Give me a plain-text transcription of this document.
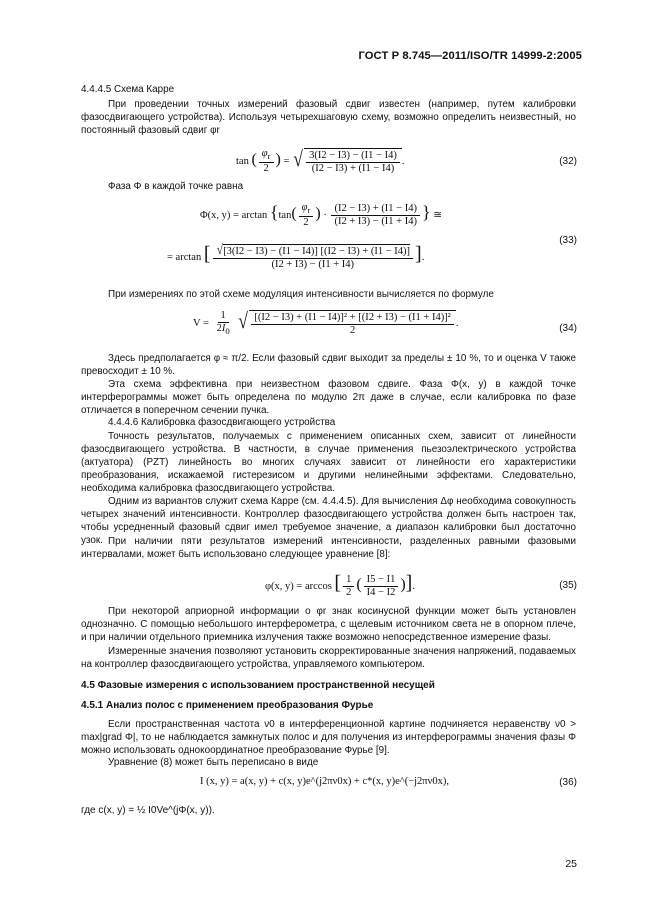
ГОСТ Р 8.745—2011/ISO/TR 14999-2:2005

4.4.4.5 Схема Карре

При проведении точных измерений фазовый сдвиг известен (например, путем калибровки фазосдвигающего устройства). Используя четырехшаговую схему, возможно определить неизвестный, но постоянный фазовый сдвиг φr

tan ( $\frac{\varphi_r}{2}$ ) = √ $\frac{3(I2 - I3) - (I1 - I4)}{(I2 - I3) + (I1 - I4)}$ .	(32)

Фаза Φ в каждой точке равна

Φ(x, $y) = \arctan \{\tan( \frac{\varphi_r}{2}$ ) · $\frac{(I2 - I3) + (I1 - I4)}{(I2 + I3) - (I1 + I4)}$ } ≅
= arctan [ $\frac{√ [3(I2 - I3) - (I1 - I4)] [(I2 - I3) + (I1 - I4)]}{(I2 + I3) - (I1 + I4)}$ ].
(33)

При измерениях по этой схеме модуляция интенсивности вычисляется по формуле

$V = \frac{1}{2I_0}$
√ $\frac{\text{[(I2 − I3) + (I1 − I4)]² + [(I2 + I3) − (I1 + I4)]²}}{2}$ .	(34)

Здесь предполагается φ ≈ π/2. Если фазовый сдвиг выходит за пределы ± 10 %, то и оценка V также превосходит ± 10 %.

Эта схема эффективна при неизвестном фазовом сдвиге. Фаза Φ(x, y) в каждой точке интерферограммы может быть определена по модулю 2π даже в случае, если калибровка по фазе отличается в поперечном сечении пучка.

4.4.4.6 Калибровка фазосдвигающего устройства

Точность результатов, получаемых с применением описанных схем, зависит от линейности фазосдвигающего устройства. В частности, в случае применения пьезоэлектрического устройства (актуатора) (PZT) линейность во многих случаях зависит от линейности его характеристики преобразования, искажаемой гистерезисом и другими нелинейными эффектами. Следовательно, необходима калибровка фазосдвигающего устройства.

Одним из вариантов служит схема Карре (см. 4.4.4.5). Для вычисления Δφ необходима совокупность четырех значений интенсивности. Контроллер фазосдвигающего устройства должен быть настроен так, чтобы усредненный фазовый сдвиг имел требуемое значение, а диапазон калибровки был достаточно узок. При наличии пяти результатов измерений интенсивности, разделенных равными фазовыми интервалами, может быть использовано следующее уравнение [8]:

φ(x, y) = arccos [ $\frac{1}{2}$ ( $\frac{I5 - I1}{I4 - I2}$ )].	(35)

При некоторой априорной информации о φr знак косинусной функции может быть установлен однозначно. С помощью небольшого интерферометра, с щелевым источником света не в опорном плече, и при наличии отдельного приемника излучения также возможно непосредственное измерение фазы.

Измеренные значения позволяют установить скорректированные значения напряжений, подаваемых на контроллер фазосдвигающего устройства, управляемого компьютером.

4.5 Фазовые измерения с использованием пространственной несущей

4.5.1 Анализ полос с применением преобразования Фурье

Если пространственная частота ν0 в интерференционной картине подчиняется неравенству ν0 > max|grad Φ|, то не наблюдается замкнутых полос и для получения из интерферограммы значения фазы Φ можно использовать однокоординатное преобразование Фурье [9].

Уравнение (8) может быть переписано в виде

I (x, y) = a(x, y) + c(x, y)e^(j2πν0x) + c*(x, y)e^(−j2πν0x),	(36)
где c(x, y) = ½ I0Ve^(jΦ(x, y)).
25
